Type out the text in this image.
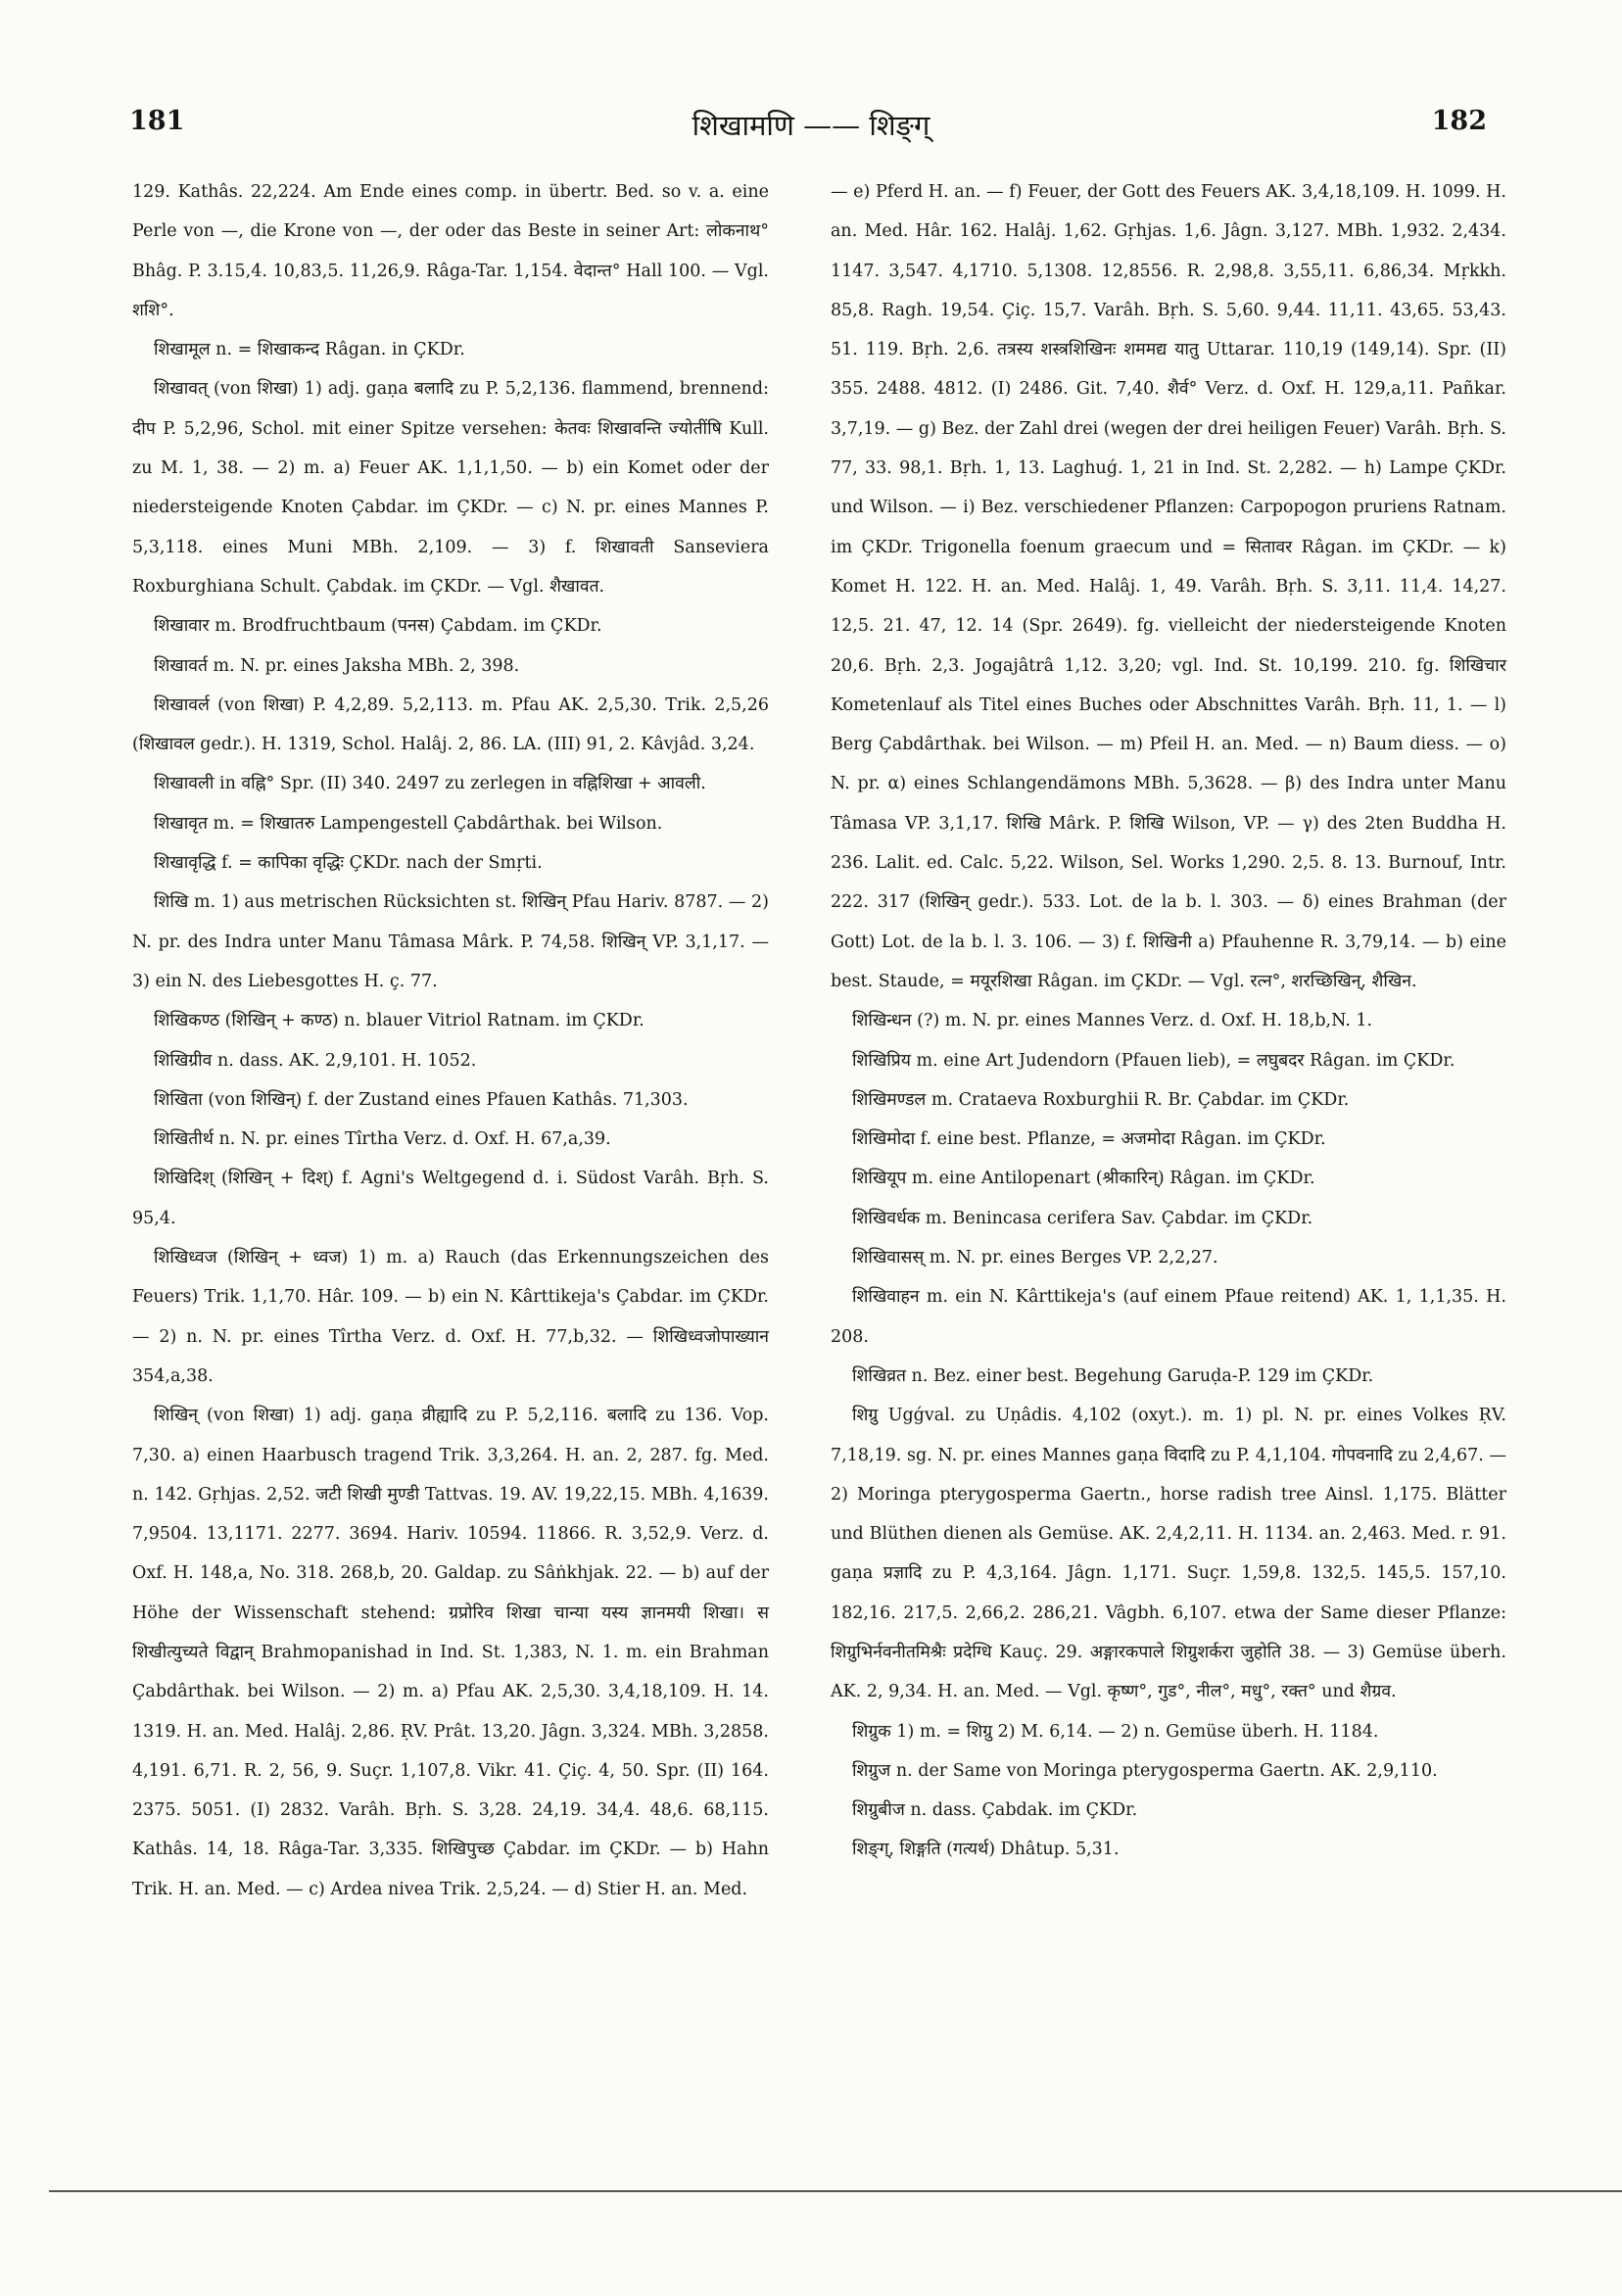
181	शिखामणि —— शिङ्ग्	182

129. Kathâs. 22,224. Am Ende eines comp. in übertr. Bed. so v. a. eine Perle von —, die Krone von —, der oder das Beste in seiner Art: लोकनाथ° Bhâg. P. 3.15,4. 10,83,5. 11,26,9. Râga-Tar. 1,154. वेदान्त° Hall 100. — Vgl. शशि°.

शिखामूल n. = शिखाकन्द Râgan. in ÇKDr.

शिखावत् (von शिखा) 1) adj. gaṇa बलादि zu P. 5,2,136. flammend, brennend: दीप P. 5,2,96, Schol. mit einer Spitze versehen: केतवः शिखावन्ति ज्योतींषि Kull. zu M. 1, 38. — 2) m. a) Feuer AK. 1,1,1,50. — b) ein Komet oder der niedersteigende Knoten Çabdar. im ÇKDr. — c) N. pr. eines Mannes P. 5,3,118. eines Muni MBh. 2,109. — 3) f. शिखावती Sanseviera Roxburghiana Schult. Çabdak. im ÇKDr. — Vgl. शैखावत.

शिखावार m. Brodfruchtbaum (पनस) Çabdam. im ÇKDr.

शिखावर्त m. N. pr. eines Jaksha MBh. 2, 398.

शिखावर्ल (von शिखा) P. 4,2,89. 5,2,113. m. Pfau AK. 2,5,30. Trik. 2,5,26 (शिखावल gedr.). H. 1319, Schol. Halâj. 2, 86. LA. (III) 91, 2. Kâvjâd. 3,24.

शिखावली in वह्नि° Spr. (II) 340. 2497 zu zerlegen in वह्निशिखा + आवली.

शिखावृत m. = शिखातरु Lampengestell Çabdârthak. bei Wilson.

शिखावृद्धि f. = कापिका वृद्धिः ÇKDr. nach der Smṛti.

शिखि m. 1) aus metrischen Rücksichten st. शिखिन् Pfau Hariv. 8787. — 2) N. pr. des Indra unter Manu Tâmasa Mârk. P. 74,58. शिखिन् VP. 3,1,17. — 3) ein N. des Liebesgottes H. ç. 77.

शिखिकण्ठ (शिखिन् + कण्ठ) n. blauer Vitriol Ratnam. im ÇKDr.

शिखिग्रीव n. dass. AK. 2,9,101. H. 1052.

शिखिता (von शिखिन्) f. der Zustand eines Pfauen Kathâs. 71,303.

शिखितीर्थ n. N. pr. eines Tîrtha Verz. d. Oxf. H. 67,a,39.

शिखिदिश् (शिखिन् + दिश्) f. Agni's Weltgegend d. i. Südost Varâh. Bṛh. S. 95,4.

शिखिध्वज (शिखिन् + ध्वज) 1) m. a) Rauch (das Erkennungszeichen des Feuers) Trik. 1,1,70. Hâr. 109. — b) ein N. Kârttikeja's Çabdar. im ÇKDr. — 2) n. N. pr. eines Tîrtha Verz. d. Oxf. H. 77,b,32. — शिखिध्वजोपाख्यान 354,a,38.

शिखिन् (von शिखा) 1) adj. gaṇa व्रीह्यादि zu P. 5,2,116. बलादि zu 136. Vop. 7,30. a) einen Haarbusch tragend Trik. 3,3,264. H. an. 2, 287. fg. Med. n. 142. Gṛhjas. 2,52. जटी शिखी मुण्डी Tattvas. 19. AV. 19,22,15. MBh. 4,1639. 7,9504. 13,1171. 2277. 3694. Hariv. 10594. 11866. R. 3,52,9. Verz. d. Oxf. H. 148,a, No. 318. 268,b, 20. Galdap. zu Sâṅkhjak. 22. — b) auf der Höhe der Wissenschaft stehend: ग्रप्रोरिव शिखा चान्या यस्य ज्ञानमयी शिखा। स शिखीत्युच्यते विद्वान् Brahmopanishad in Ind. St. 1,383, N. 1. m. ein Brahman Çabdârthak. bei Wilson. — 2) m. a) Pfau AK. 2,5,30. 3,4,18,109. H. 14. 1319. H. an. Med. Halâj. 2,86. ṚV. Prât. 13,20. Jâgn. 3,324. MBh. 3,2858. 4,191. 6,71. R. 2, 56, 9. Suçr. 1,107,8. Vikr. 41. Çiç. 4, 50. Spr. (II) 164. 2375. 5051. (I) 2832. Varâh. Bṛh. S. 3,28. 24,19. 34,4. 48,6. 68,115. Kathâs. 14, 18. Râga-Tar. 3,335. शिखिपुच्छ Çabdar. im ÇKDr. — b) Hahn Trik. H. an. Med. — c) Ardea nivea Trik. 2,5,24. — d) Stier H. an. Med.

— e) Pferd H. an. — f) Feuer, der Gott des Feuers AK. 3,4,18,109. H. 1099. H. an. Med. Hâr. 162. Halâj. 1,62. Gṛhjas. 1,6. Jâgn. 3,127. MBh. 1,932. 2,434. 1147. 3,547. 4,1710. 5,1308. 12,8556. R. 2,98,8. 3,55,11. 6,86,34. Mṛkkh. 85,8. Ragh. 19,54. Çiç. 15,7. Varâh. Bṛh. S. 5,60. 9,44. 11,11. 43,65. 53,43. 51. 119. Bṛh. 2,6. तत्रस्य शस्त्रशिखिनः शममद्य यातु Uttarar. 110,19 (149,14). Spr. (II) 355. 2488. 4812. (I) 2486. Git. 7,40. शैर्व° Verz. d. Oxf. H. 129,a,11. Pañkar. 3,7,19. — g) Bez. der Zahl drei (wegen der drei heiligen Feuer) Varâh. Bṛh. S. 77, 33. 98,1. Bṛh. 1, 13. Laghuǵ. 1, 21 in Ind. St. 2,282. — h) Lampe ÇKDr. und Wilson. — i) Bez. verschiedener Pflanzen: Carpopogon pruriens Ratnam. im ÇKDr. Trigonella foenum graecum und = सितावर Râgan. im ÇKDr. — k) Komet H. 122. H. an. Med. Halâj. 1, 49. Varâh. Bṛh. S. 3,11. 11,4. 14,27. 12,5. 21. 47, 12. 14 (Spr. 2649). fg. vielleicht der niedersteigende Knoten 20,6. Bṛh. 2,3. Jogajâtrâ 1,12. 3,20; vgl. Ind. St. 10,199. 210. fg. शिखिचार Kometenlauf als Titel eines Buches oder Abschnittes Varâh. Bṛh. 11, 1. — l) Berg Çabdârthak. bei Wilson. — m) Pfeil H. an. Med. — n) Baum diess. — o) N. pr. α) eines Schlangendämons MBh. 5,3628. — β) des Indra unter Manu Tâmasa VP. 3,1,17. शिखि Mârk. P. शिखि Wilson, VP. — γ) des 2ten Buddha H. 236. Lalit. ed. Calc. 5,22. Wilson, Sel. Works 1,290. 2,5. 8. 13. Burnouf, Intr. 222. 317 (शिखिन् gedr.). 533. Lot. de la b. l. 303. — δ) eines Brahman (der Gott) Lot. de la b. l. 3. 106. — 3) f. शिखिनी a) Pfauhenne R. 3,79,14. — b) eine best. Staude, = मयूरशिखा Râgan. im ÇKDr. — Vgl. रत्न°, शरच्छिखिन्, शैखिन.

शिखिन्धन (?) m. N. pr. eines Mannes Verz. d. Oxf. H. 18,b,N. 1.

शिखिप्रिय m. eine Art Judendorn (Pfauen lieb), = लघुबदर Râgan. im ÇKDr.

शिखिमण्डल m. Crataeva Roxburghii R. Br. Çabdar. im ÇKDr.

शिखिमोदा f. eine best. Pflanze, = अजमोदा Râgan. im ÇKDr.

शिखियूप m. eine Antilopenart (श्रीकारिन्) Râgan. im ÇKDr.

शिखिवर्धक m. Benincasa cerifera Sav. Çabdar. im ÇKDr.

शिखिवासस् m. N. pr. eines Berges VP. 2,2,27.

शिखिवाहन m. ein N. Kârttikeja's (auf einem Pfaue reitend) AK. 1, 1,1,35. H. 208.

शिखिव्रत n. Bez. einer best. Begehung Garuḍa-P. 129 im ÇKDr.

शिग्रु Ugǵval. zu Uṇâdis. 4,102 (oxyt.). m. 1) pl. N. pr. eines Volkes ṚV. 7,18,19. sg. N. pr. eines Mannes gaṇa विदादि zu P. 4,1,104. गोपवनादि zu 2,4,67. — 2) Moringa pterygosperma Gaertn., horse radish tree Ainsl. 1,175. Blätter und Blüthen dienen als Gemüse. AK. 2,4,2,11. H. 1134. an. 2,463. Med. r. 91. gaṇa प्रज्ञादि zu P. 4,3,164. Jâgn. 1,171. Suçr. 1,59,8. 132,5. 145,5. 157,10. 182,16. 217,5. 2,66,2. 286,21. Vâgbh. 6,107. etwa der Same dieser Pflanze: शिग्रुभिर्नवनीतमिश्रैः प्रदेग्धि Kauç. 29. अङ्गारकपाले शिग्रुशर्करा जुहोति 38. — 3) Gemüse überh. AK. 2, 9,34. H. an. Med. — Vgl. कृष्ण°, गुड°, नील°, मधु°, रक्त° und शैग्रव.

शिग्रुक 1) m. = शिग्रु 2) M. 6,14. — 2) n. Gemüse überh. H. 1184.

शिग्रुज n. der Same von Moringa pterygosperma Gaertn. AK. 2,9,110.

शिग्रुबीज n. dass. Çabdak. im ÇKDr.

शिङ्ग्, शिङ्गति (गत्यर्थ) Dhâtup. 5,31.
